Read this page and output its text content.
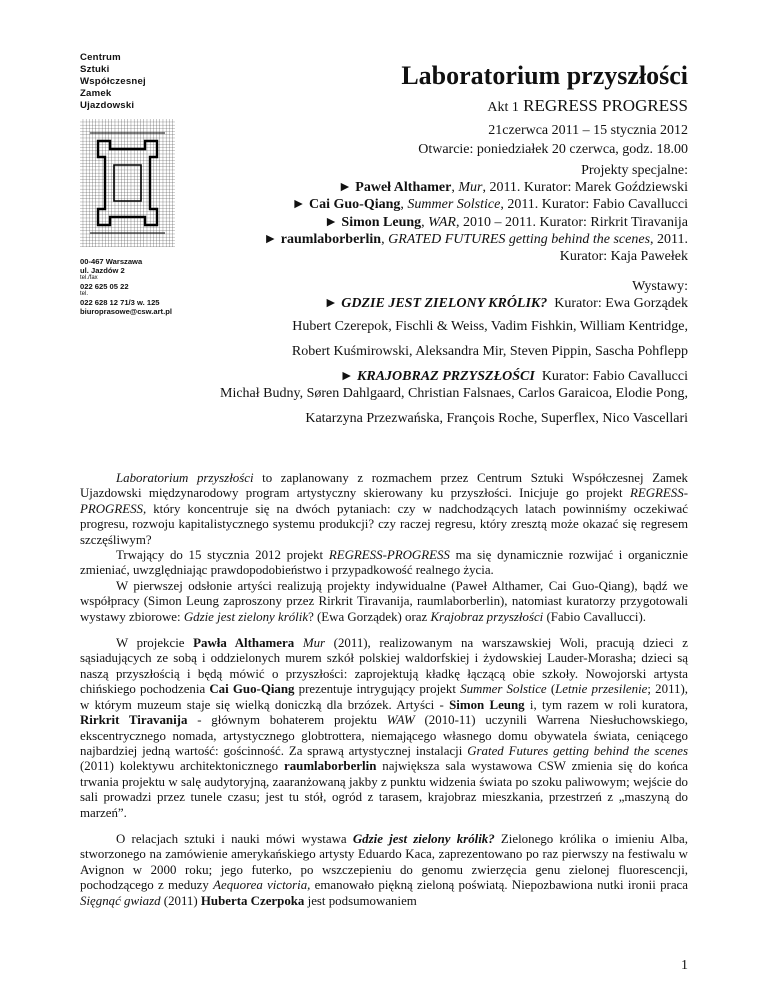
Centrum
Sztuki
Współczesnej
Zamek
Ujazdowski
00-467 Warszawa
ul. Jazdów 2
tel./fax
022 625 05 22
tel.
022 628 12 71/3 w. 125
biuroprasowe@csw.art.pl
Laboratorium przyszłości
Akt 1 REGRESS PROGRESS
21czerwca 2011 – 15 stycznia 2012
Otwarcie: poniedziałek 20 czerwca, godz. 18.00
Projekty specjalne:
► Paweł Althamer, Mur, 2011. Kurator: Marek Goździewski
► Cai Guo-Qiang, Summer Solstice, 2011. Kurator: Fabio Cavallucci
► Simon Leung, WAR, 2010 – 2011. Kurator: Rirkrit Tiravanija
► raumlaborberlin, GRATED FUTURES getting behind the scenes, 2011.
Kurator: Kaja Pawełek
Wystawy:
► GDZIE JEST ZIELONY KRÓLIK? Kurator: Ewa Gorządek
Hubert Czerepok, Fischli & Weiss, Vadim Fishkin, William Kentridge,
Robert Kuśmirowski, Aleksandra Mir, Steven Pippin, Sascha Pohflepp
► KRAJOBRAZ PRZYSZŁOŚCI Kurator: Fabio Cavallucci
Michał Budny, Søren Dahlgaard, Christian Falsnaes, Carlos Garaicoa, Elodie Pong,
Katarzyna Przezwańska, François Roche, Superflex, Nico Vascellari

Laboratorium przyszłości to zaplanowany z rozmachem przez Centrum Sztuki Współczesnej Zamek Ujazdowski międzynarodowy program artystyczny skierowany ku przyszłości. Inicjuje go projekt REGRESS-PROGRESS, który koncentruje się na dwóch pytaniach: czy w nadchodzących latach powinniśmy oczekiwać progresu, rozwoju kapitalistycznego systemu produkcji? czy raczej regresu, który zresztą może okazać się regresem szczęśliwym?

Trwający do 15 stycznia 2012 projekt REGRESS-PROGRESS ma się dynamicznie rozwijać i organicznie zmieniać, uwzględniając prawdopodobieństwo i przypadkowość realnego życia.

W pierwszej odsłonie artyści realizują projekty indywidualne (Paweł Althamer, Cai Guo-Qiang), bądź we współpracy (Simon Leung zaproszony przez Rirkrit Tiravanija, raumlaborberlin), natomiast kuratorzy przygotowali wystawy zbiorowe: Gdzie jest zielony królik? (Ewa Gorządek) oraz Krajobraz przyszłości (Fabio Cavallucci).

W projekcie Pawła Althamera Mur (2011), realizowanym na warszawskiej Woli, pracują dzieci z sąsiadujących ze sobą i oddzielonych murem szkół polskiej waldorfskiej i żydowskiej Lauder-Morasha; dzieci są naszą przyszłością i będą mówić o przyszłości: zaprojektują kładkę łączącą obie szkoły. Nowojorski artysta chińskiego pochodzenia Cai Guo-Qiang prezentuje intrygujący projekt Summer Solstice (Letnie przesilenie; 2011), w którym muzeum staje się wielką doniczką dla brzózek. Artyści - Simon Leung i, tym razem w roli kuratora, Rirkrit Tiravanija - głównym bohaterem projektu WAW (2010-11) uczynili Warrena Niesłuchowskiego, ekscentrycznego nomada, artystycznego globtrottera, niemającego własnego domu obywatela świata, ceniącego najbardziej jedną wartość: gościnność. Za sprawą artystycznej instalacji Grated Futures getting behind the scenes (2011) kolektywu architektonicznego raumlaborberlin największa sala wystawowa CSW zmienia się do końca trwania projektu w salę audytoryjną, zaaranżowaną jakby z punktu widzenia świata po szoku paliwowym; wejście do sali prowadzi przez tunele czasu; jest tu stół, ogród z tarasem, krajobraz mieszkania, przestrzeń z „maszyną do marzeń”.

O relacjach sztuki i nauki mówi wystawa Gdzie jest zielony królik? Zielonego królika o imieniu Alba, stworzonego na zamówienie amerykańskiego artysty Eduardo Kaca, zaprezentowano po raz pierwszy na festiwalu w Avignon w 2000 roku; jego futerko, po wszczepieniu do genomu zwierzęcia genu zielonej fluorescencji, pochodzącego z meduzy Aequorea victoria, emanowało piękną zieloną poświatą. Niepozbawiona nutki ironii praca Sięgnąć gwiazd (2011) Huberta Czerpoka jest podsumowaniem

1
